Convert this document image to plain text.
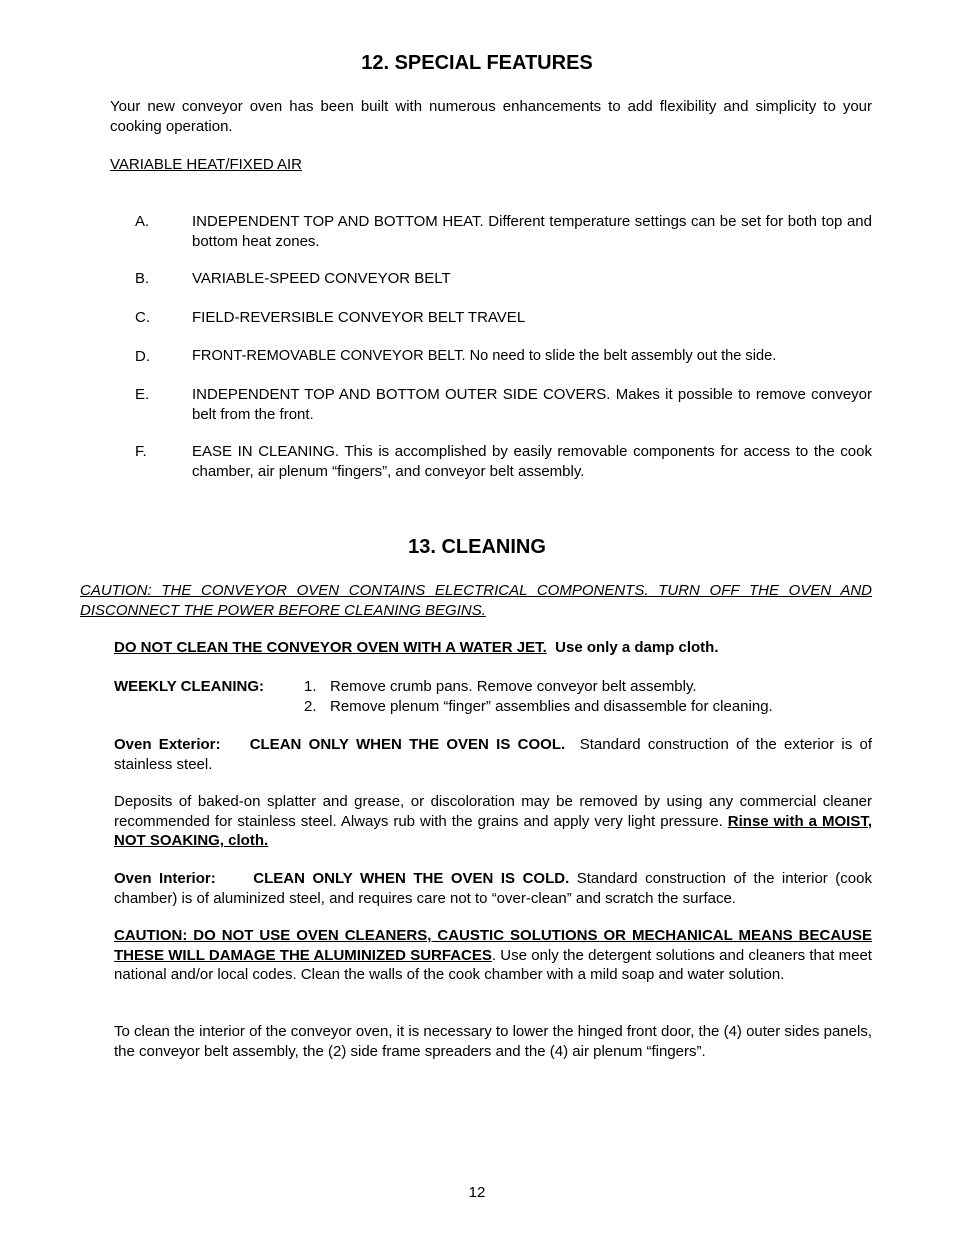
12. SPECIAL FEATURES
Your new conveyor oven has been built with numerous enhancements to add flexibility and simplicity to your cooking operation.
VARIABLE HEAT/FIXED AIR
A.	INDEPENDENT TOP AND BOTTOM HEAT. Different temperature settings can be set for both top and bottom heat zones.
B.	VARIABLE-SPEED CONVEYOR BELT
C.	FIELD-REVERSIBLE CONVEYOR BELT TRAVEL
D.	FRONT-REMOVABLE CONVEYOR BELT. No need to slide the belt assembly out the side.
E.	INDEPENDENT TOP AND BOTTOM OUTER SIDE COVERS. Makes it possible to remove conveyor belt from the front.
F.	EASE IN CLEANING. This is accomplished by easily removable components for access to the cook chamber, air plenum “fingers”, and conveyor belt assembly.
13. CLEANING
CAUTION: THE CONVEYOR OVEN CONTAINS ELECTRICAL COMPONENTS. TURN OFF THE OVEN AND DISCONNECT THE POWER BEFORE CLEANING BEGINS.
DO NOT CLEAN THE CONVEYOR OVEN WITH A WATER JET. Use only a damp cloth.
WEEKLY CLEANING:	1. Remove crumb pans. Remove conveyor belt assembly.
2. Remove plenum “finger” assemblies and disassemble for cleaning.
Oven Exterior: CLEAN ONLY WHEN THE OVEN IS COOL. Standard construction of the exterior is of stainless steel.
Deposits of baked-on splatter and grease, or discoloration may be removed by using any commercial cleaner recommended for stainless steel. Always rub with the grains and apply very light pressure. Rinse with a MOIST, NOT SOAKING, cloth.
Oven Interior:	CLEAN ONLY WHEN THE OVEN IS COLD. Standard construction of the interior (cook chamber) is of aluminized steel, and requires care not to “over-clean” and scratch the surface.
CAUTION: DO NOT USE OVEN CLEANERS, CAUSTIC SOLUTIONS OR MECHANICAL MEANS BECAUSE THESE WILL DAMAGE THE ALUMINIZED SURFACES. Use only the detergent solutions and cleaners that meet national and/or local codes. Clean the walls of the cook chamber with a mild soap and water solution.
To clean the interior of the conveyor oven, it is necessary to lower the hinged front door, the (4) outer sides panels, the conveyor belt assembly, the (2) side frame spreaders and the (4) air plenum “fingers”.
12
